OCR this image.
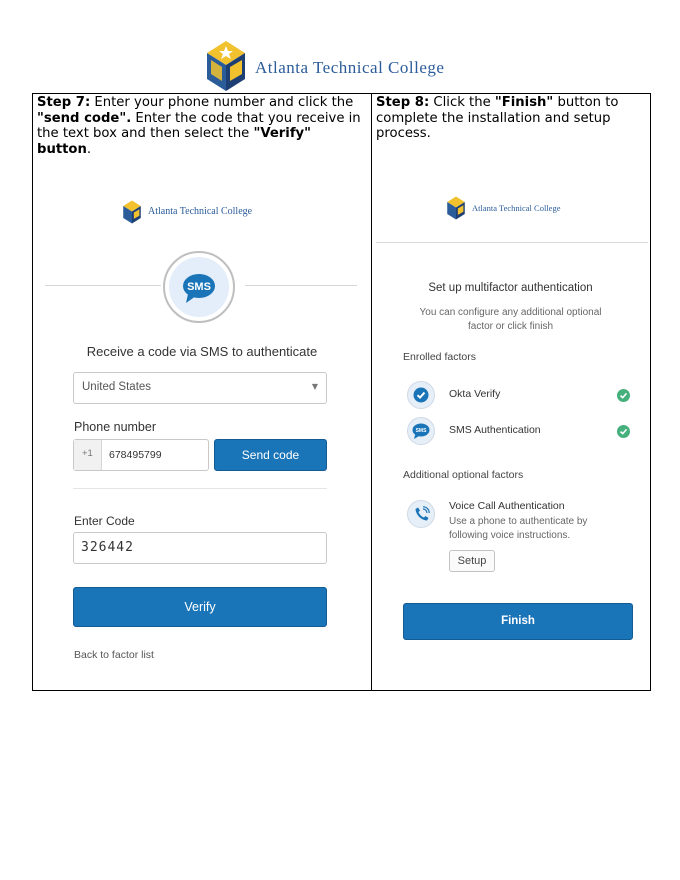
Atlanta Technical College
Step 7: Enter your phone number and click the "send code". Enter the code that you receive in the text box and then select the "Verify" button.
Atlanta Technical College
SMS
Receive a code via SMS to authenticate
United States	▼
Phone number
+1 678495799	Send code
Enter Code
326442
Verify
Back to factor list

Step 8: Click the "Finish" button to complete the installation and setup process.
Atlanta Technical College
Set up multifactor authentication
You can configure any additional optional
factor or click finish
Enrolled factors
Okta Verify
SMS SMS Authentication
Additional optional factors
Voice Call Authentication
Use a phone to authenticate by
following voice instructions.
Setup
Finish
